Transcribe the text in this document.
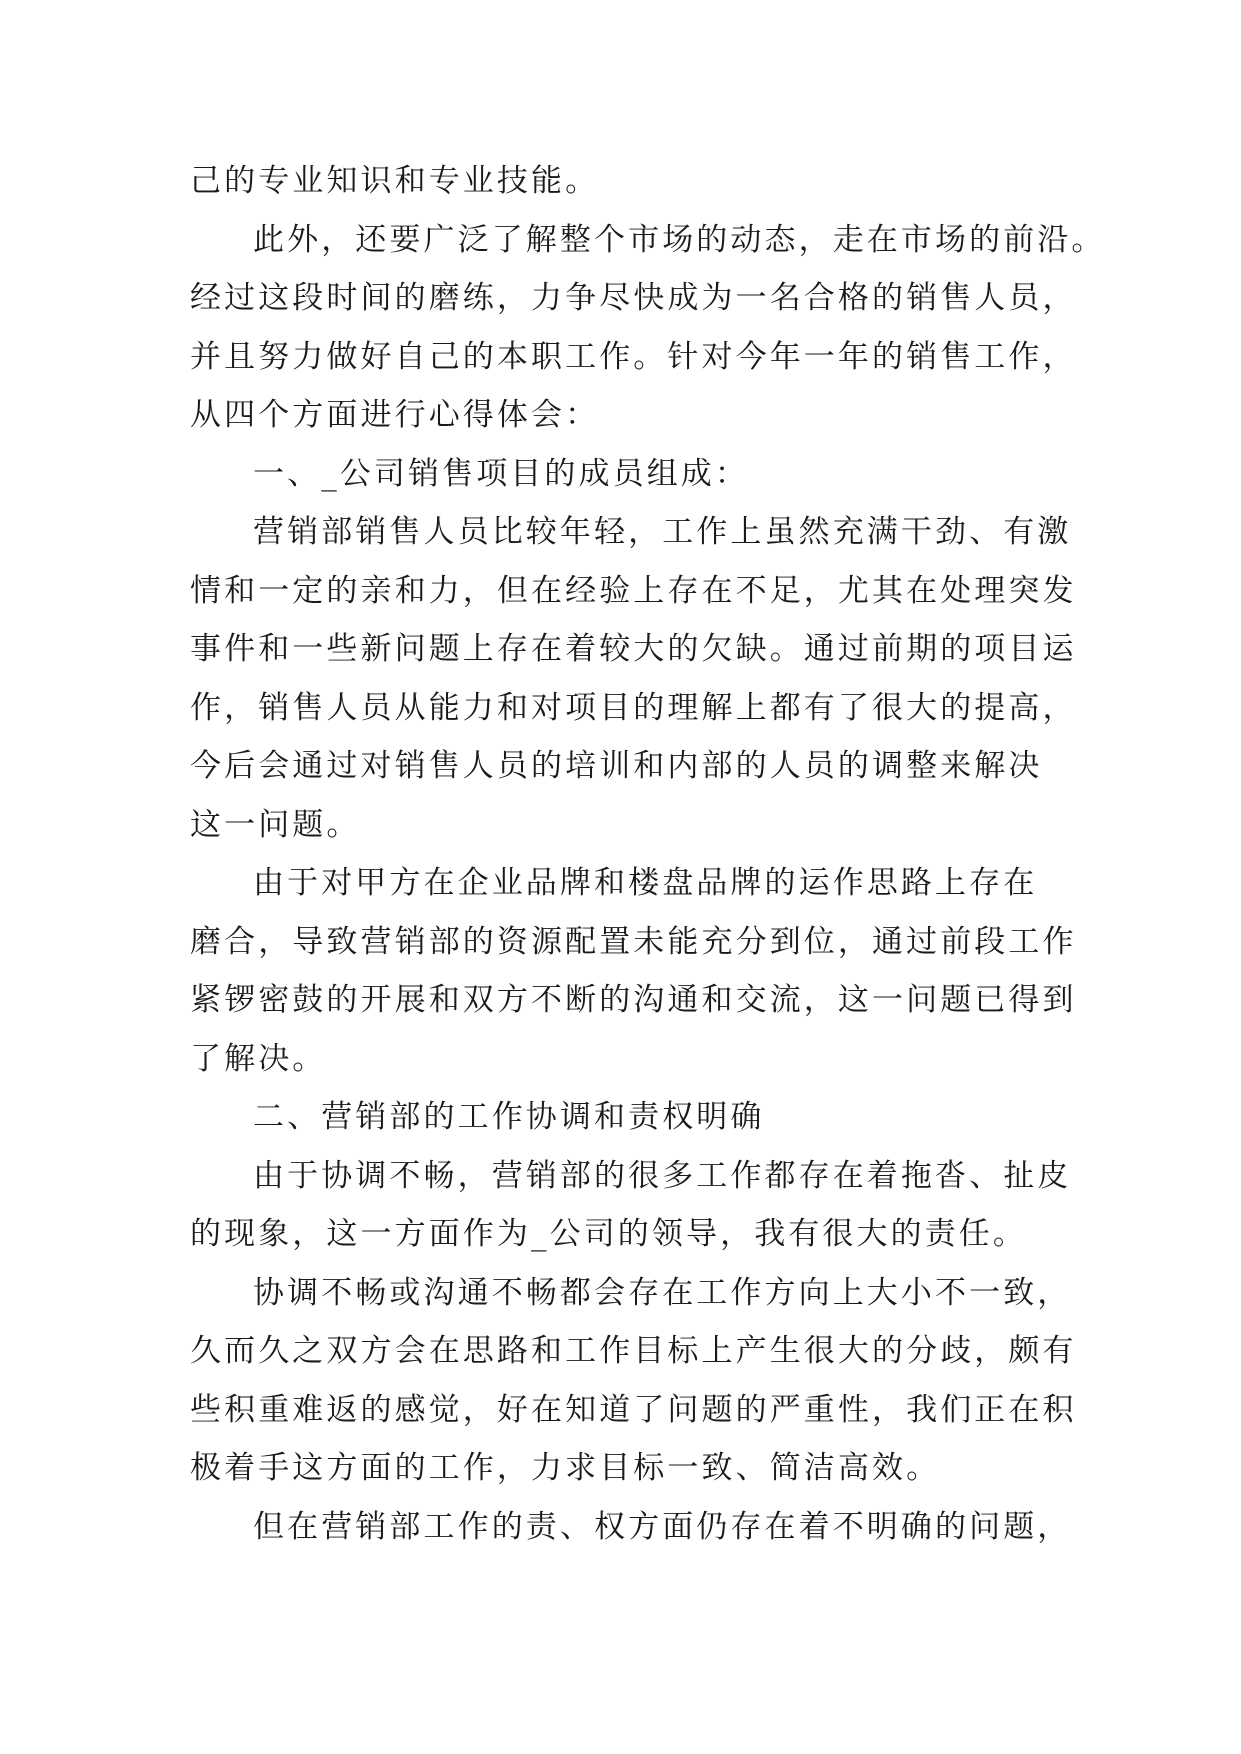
己的专业知识和专业技能。
此外，还要广泛了解整个市场的动态，走在市场的前沿。
经过这段时间的磨练，力争尽快成为一名合格的销售人员，
并且努力做好自己的本职工作。针对今年一年的销售工作，
从四个方面进行心得体会：
一、_公司销售项目的成员组成：
营销部销售人员比较年轻，工作上虽然充满干劲、有激
情和一定的亲和力，但在经验上存在不足，尤其在处理突发
事件和一些新问题上存在着较大的欠缺。通过前期的项目运
作，销售人员从能力和对项目的理解上都有了很大的提高，
今后会通过对销售人员的培训和内部的人员的调整来解决
这一问题。
由于对甲方在企业品牌和楼盘品牌的运作思路上存在
磨合，导致营销部的资源配置未能充分到位，通过前段工作
紧锣密鼓的开展和双方不断的沟通和交流，这一问题已得到
了解决。
二、营销部的工作协调和责权明确
由于协调不畅，营销部的很多工作都存在着拖沓、扯皮
的现象，这一方面作为_公司的领导，我有很大的责任。
协调不畅或沟通不畅都会存在工作方向上大小不一致，
久而久之双方会在思路和工作目标上产生很大的分歧，颇有
些积重难返的感觉，好在知道了问题的严重性，我们正在积
极着手这方面的工作，力求目标一致、简洁高效。
但在营销部工作的责、权方面仍存在着不明确的问题，
